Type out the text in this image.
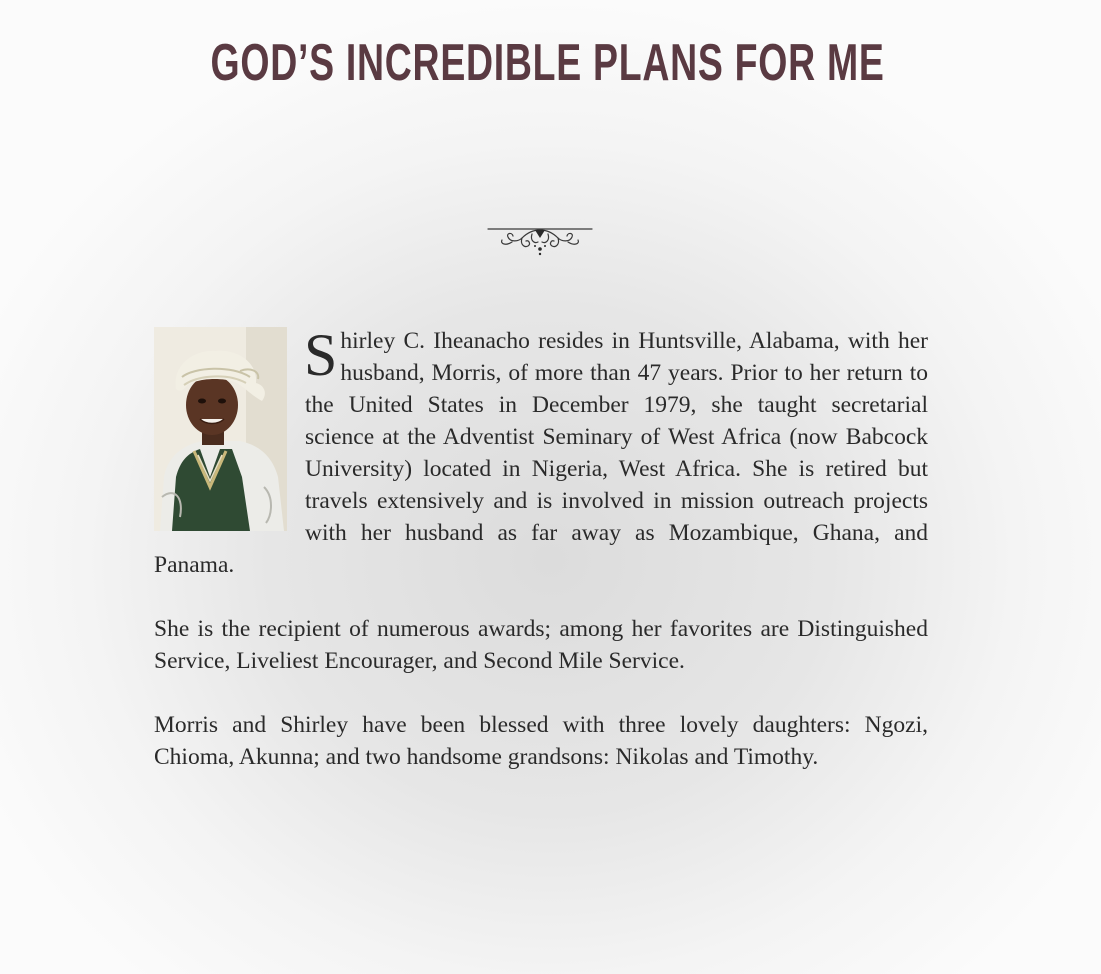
GOD’S INCREDIBLE PLANS FOR ME

Shirley C. Iheanacho resides in Huntsville, Alabama, with her husband, Morris, of more than 47 years. Prior to her return to the United States in December 1979, she taught secretarial science at the Adventist Seminary of West Africa (now Babcock University) located in Nigeria, West Africa. She is retired but travels extensively and is involved in mission outreach projects with her husband as far away as Mozambique, Ghana, and Panama.

She is the recipient of numerous awards; among her favorites are Distinguished Service, Liveliest Encourager, and Second Mile Service.

Morris and Shirley have been blessed with three lovely daughters: Ngozi, Chioma, Akunna; and two handsome grandsons: Nikolas and Timothy.
